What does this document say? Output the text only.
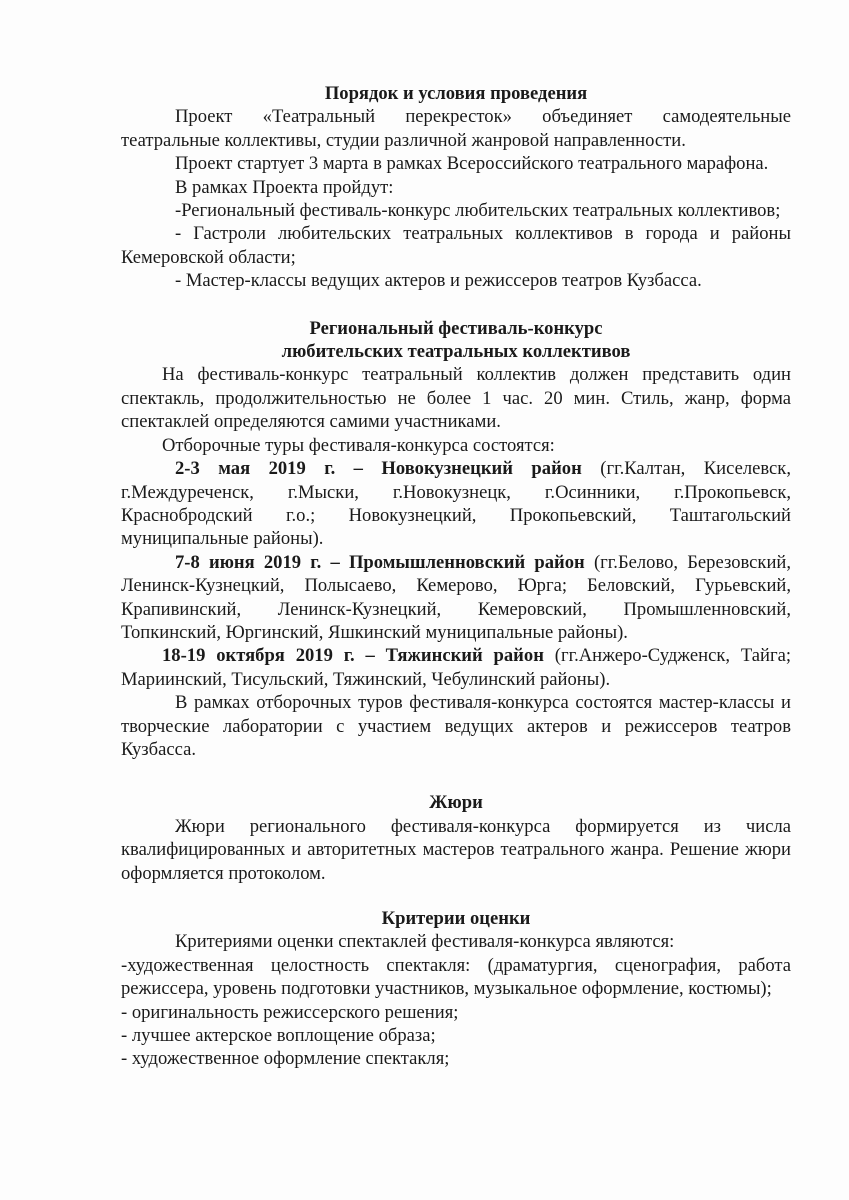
Порядок и условия проведения

Проект «Театральный перекресток» объединяет самодеятельные театральные коллективы, студии различной жанровой направленности.

Проект стартует 3 марта в рамках Всероссийского театрального марафона.

В рамках Проекта пройдут:

-Региональный фестиваль-конкурс любительских театральных коллективов;

- Гастроли любительских театральных коллективов в города и районы Кемеровской области;

- Мастер-классы ведущих актеров и режиссеров театров Кузбасса.

Региональный фестиваль-конкурс

любительских театральных коллективов

На фестиваль-конкурс театральный коллектив должен представить один спектакль, продолжительностью не более 1 час. 20 мин. Стиль, жанр, форма спектаклей определяются самими участниками.

Отборочные туры фестиваля-конкурса состоятся:

2-3 мая 2019 г. – Новокузнецкий район (гг.Калтан, Киселевск, г.Междуреченск, г.Мыски, г.Новокузнецк, г.Осинники, г.Прокопьевск, Краснобродский г.о.; Новокузнецкий, Прокопьевский, Таштагольский муниципальные районы).

7-8 июня 2019 г. – Промышленновский район (гг.Белово, Березовский, Ленинск-Кузнецкий, Полысаево, Кемерово, Юрга; Беловский, Гурьевский, Крапивинский, Ленинск-Кузнецкий, Кемеровский, Промышленновский, Топкинский, Юргинский, Яшкинский муниципальные районы).

18-19 октября 2019 г. – Тяжинский район (гг.Анжеро-Судженск, Тайга; Мариинский, Тисульский, Тяжинский, Чебулинский районы).

В рамках отборочных туров фестиваля-конкурса состоятся мастер-классы и творческие лаборатории с участием ведущих актеров и режиссеров театров Кузбасса.

Жюри

Жюри регионального фестиваля-конкурса формируется из числа квалифицированных и авторитетных мастеров театрального жанра. Решение жюри оформляется протоколом.

Критерии оценки

Критериями оценки спектаклей фестиваля-конкурса являются:

-художественная целостность спектакля: (драматургия, сценография, работа режиссера, уровень подготовки участников, музыкальное оформление, костюмы);

- оригинальность режиссерского решения;

- лучшее актерское воплощение образа;

- художественное оформление спектакля;
